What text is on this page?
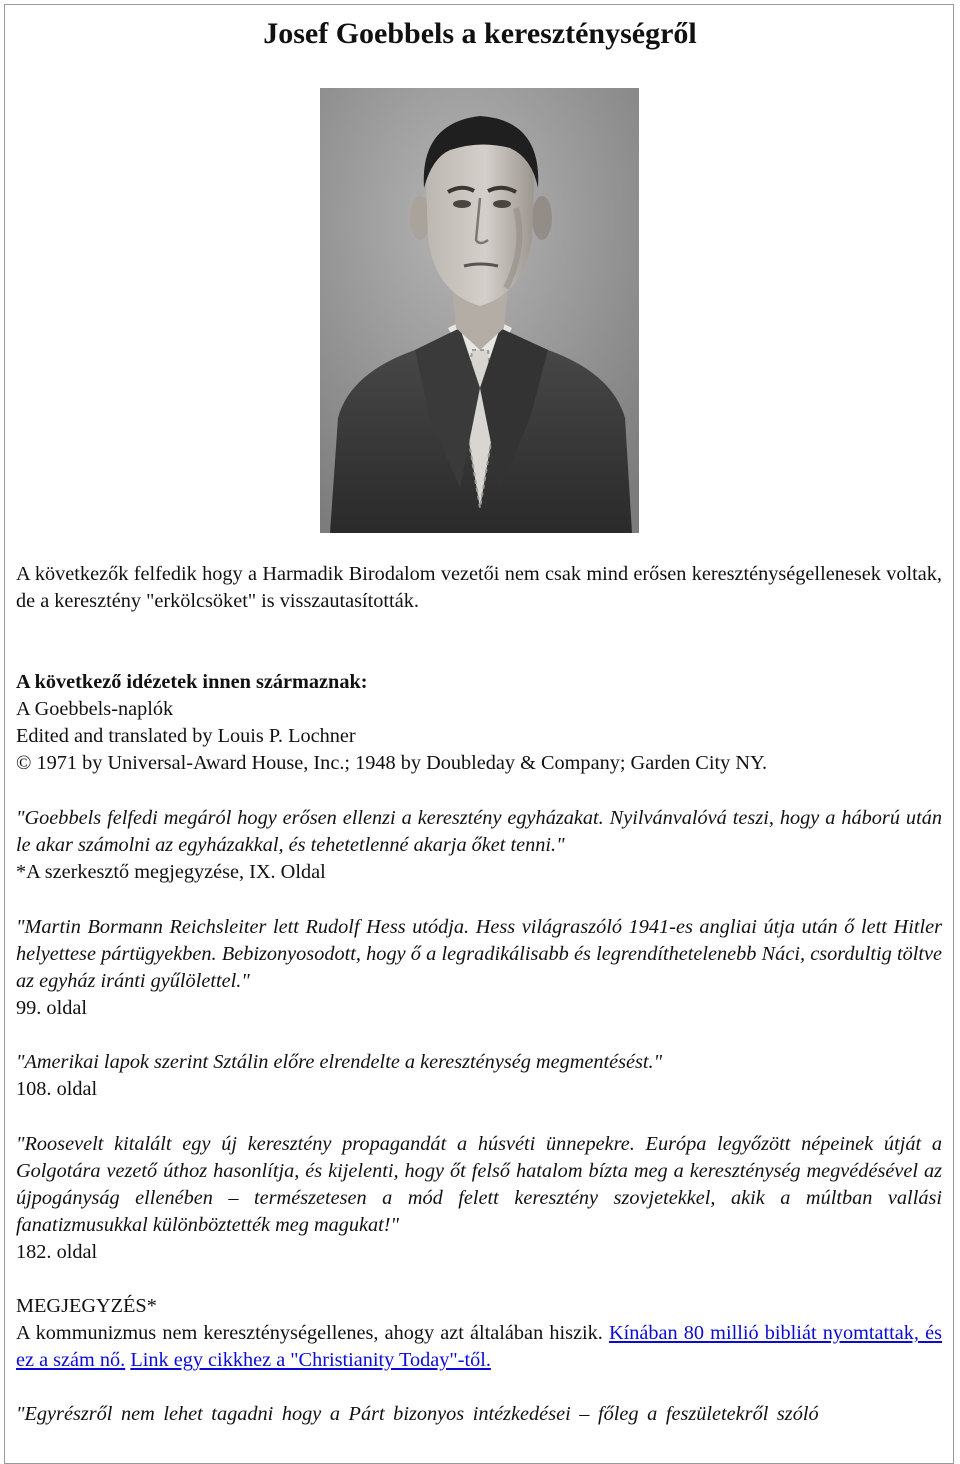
Josef Goebbels a kereszténységről
A következők felfedik hogy a Harmadik Birodalom vezetői nem csak mind erősen kereszténységellenesek voltak, de a keresztény "erkölcsöket" is visszautasították.

A következő idézetek innen származnak:

A Goebbels-naplók

Edited and translated by Louis P. Lochner

© 1971 by Universal-Award House, Inc.; 1948 by Doubleday & Company; Garden City NY.

"Goebbels felfedi megáról hogy erősen ellenzi a keresztény egyházakat. Nyilvánvalóvá teszi, hogy a háború után le akar számolni az egyházakkal, és tehetetlenné akarja őket tenni."

*A szerkesztő megjegyzése, IX. Oldal

"Martin Bormann Reichsleiter lett Rudolf Hess utódja. Hess világraszóló 1941-es angliai útja után ő lett Hitler helyettese pártügyekben. Bebizonyosodott, hogy ő a legradikálisabb és legrendíthetelenebb Náci, csordultig töltve az egyház iránti gyűlölettel."

99. oldal

"Amerikai lapok szerint Sztálin előre elrendelte a kereszténység megmentésést."

108. oldal

"Roosevelt kitalált egy új keresztény propagandát a húsvéti ünnepekre. Európa legyőzött népeinek útját a Golgotára vezető úthoz hasonlítja, és kijelenti, hogy őt felső hatalom bízta meg a kereszténység megvédésével az újpogányság ellenében – természetesen a mód felett keresztény szovjetekkel, akik a múltban vallási fanatizmusukkal különböztették meg magukat!"

182. oldal

MEGJEGYZÉS*

A kommunizmus nem kereszténységellenes, ahogy azt általában hiszik. Kínában 80 millió bibliát nyomtattak, és ez a szám nő. Link egy cikkhez a "Christianity Today"-től.

"Egyrészről nem lehet tagadni hogy a Párt bizonyos intézkedései – főleg a feszületekről szóló
